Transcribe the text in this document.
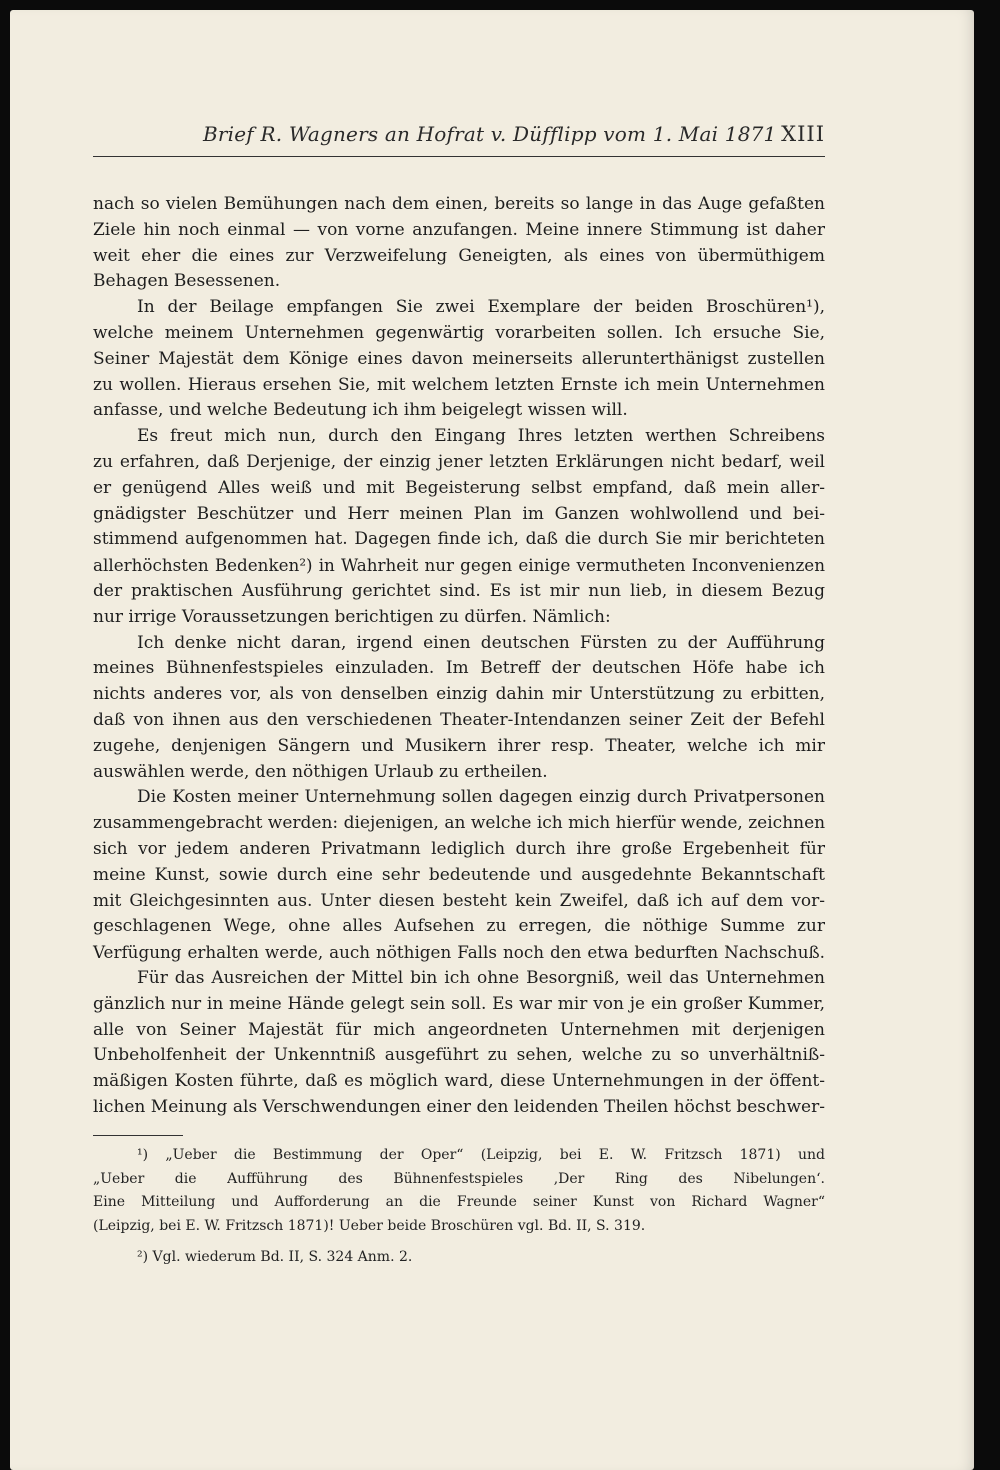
Brief R. Wagners an Hofrat v. Düfflipp vom 1. Mai 1871 XIII
nach so vielen Bemühungen nach dem einen, bereits so lange in das Auge gefaßten
Ziele hin noch einmal — von vorne anzufangen. Meine innere Stimmung ist daher
weit eher die eines zur Verzweifelung Geneigten, als eines von übermüthigem
Behagen Besessenen.
In der Beilage empfangen Sie zwei Exemplare der beiden Broschüren¹),
welche meinem Unternehmen gegenwärtig vorarbeiten sollen. Ich ersuche Sie,
Seiner Majestät dem Könige eines davon meinerseits allerunterthänigst zustellen
zu wollen. Hieraus ersehen Sie, mit welchem letzten Ernste ich mein Unternehmen
anfasse, und welche Bedeutung ich ihm beigelegt wissen will.
Es freut mich nun, durch den Eingang Ihres letzten werthen Schreibens
zu erfahren, daß Derjenige, der einzig jener letzten Erklärungen nicht bedarf, weil
er genügend Alles weiß und mit Begeisterung selbst empfand, daß mein aller-
gnädigster Beschützer und Herr meinen Plan im Ganzen wohlwollend und bei-
stimmend aufgenommen hat. Dagegen finde ich, daß die durch Sie mir berichteten
allerhöchsten Bedenken²) in Wahrheit nur gegen einige vermutheten Inconvenienzen
der praktischen Ausführung gerichtet sind. Es ist mir nun lieb, in diesem Bezug
nur irrige Voraussetzungen berichtigen zu dürfen. Nämlich:
Ich denke nicht daran, irgend einen deutschen Fürsten zu der Aufführung
meines Bühnenfestspieles einzuladen. Im Betreff der deutschen Höfe habe ich
nichts anderes vor, als von denselben einzig dahin mir Unterstützung zu erbitten,
daß von ihnen aus den verschiedenen Theater-Intendanzen seiner Zeit der Befehl
zugehe, denjenigen Sängern und Musikern ihrer resp. Theater, welche ich mir
auswählen werde, den nöthigen Urlaub zu ertheilen.
Die Kosten meiner Unternehmung sollen dagegen einzig durch Privatpersonen
zusammengebracht werden: diejenigen, an welche ich mich hierfür wende, zeichnen
sich vor jedem anderen Privatmann lediglich durch ihre große Ergebenheit für
meine Kunst, sowie durch eine sehr bedeutende und ausgedehnte Bekanntschaft
mit Gleichgesinnten aus. Unter diesen besteht kein Zweifel, daß ich auf dem vor-
geschlagenen Wege, ohne alles Aufsehen zu erregen, die nöthige Summe zur
Verfügung erhalten werde, auch nöthigen Falls noch den etwa bedurften Nachschuß.
Für das Ausreichen der Mittel bin ich ohne Besorgniß, weil das Unternehmen
gänzlich nur in meine Hände gelegt sein soll. Es war mir von je ein großer Kummer,
alle von Seiner Majestät für mich angeordneten Unternehmen mit derjenigen
Unbeholfenheit der Unkenntniß ausgeführt zu sehen, welche zu so unverhältniß-
mäßigen Kosten führte, daß es möglich ward, diese Unternehmungen in der öffent-
lichen Meinung als Verschwendungen einer den leidenden Theilen höchst beschwer-
¹) „Ueber die Bestimmung der Oper“ (Leipzig, bei E. W. Fritzsch 1871) und
„Ueber die Aufführung des Bühnenfestspieles ‚Der Ring des Nibelungen‘.
Eine Mitteilung und Aufforderung an die Freunde seiner Kunst von Richard Wagner“
(Leipzig, bei E. W. Fritzsch 1871)! Ueber beide Broschüren vgl. Bd. II, S. 319.
²) Vgl. wiederum Bd. II, S. 324 Anm. 2.
